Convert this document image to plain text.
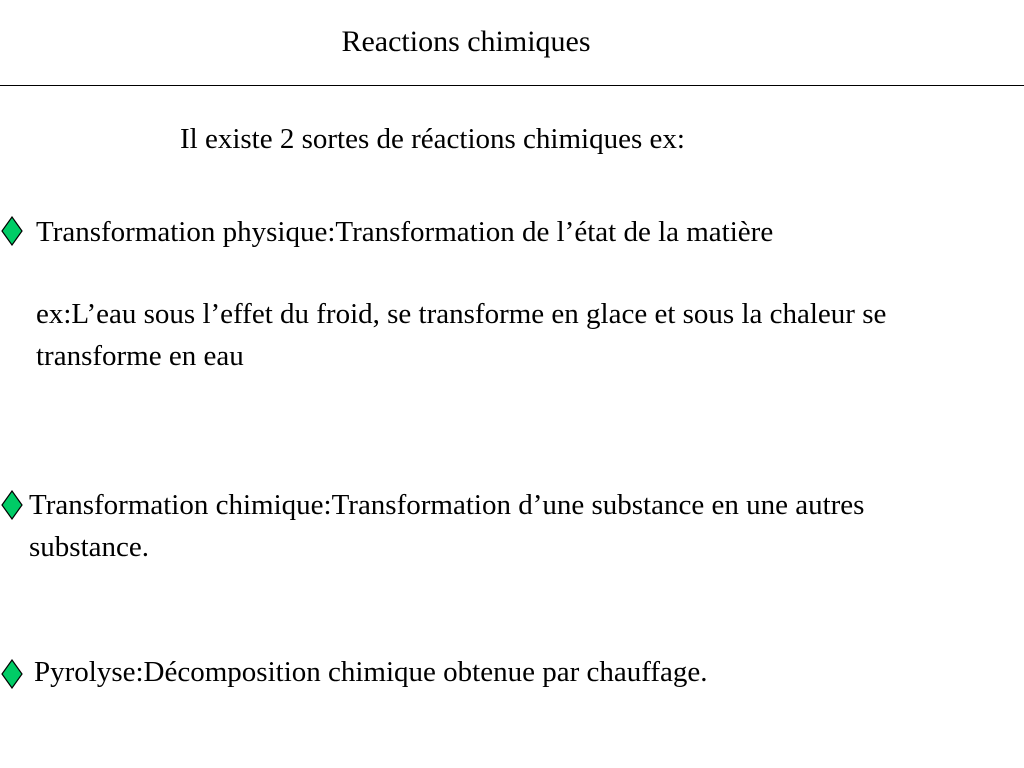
Reactions chimiques

Il existe 2 sortes de réactions chimiques ex:

Transformation physique:Transformation de l’état de la matière

ex:L’eau sous l’effet du froid, se transforme en glace et sous la chaleur se transforme en eau

Transformation chimique:Transformation d’une substance en une autres substance.

Pyrolyse:Décomposition chimique obtenue par chauffage.
